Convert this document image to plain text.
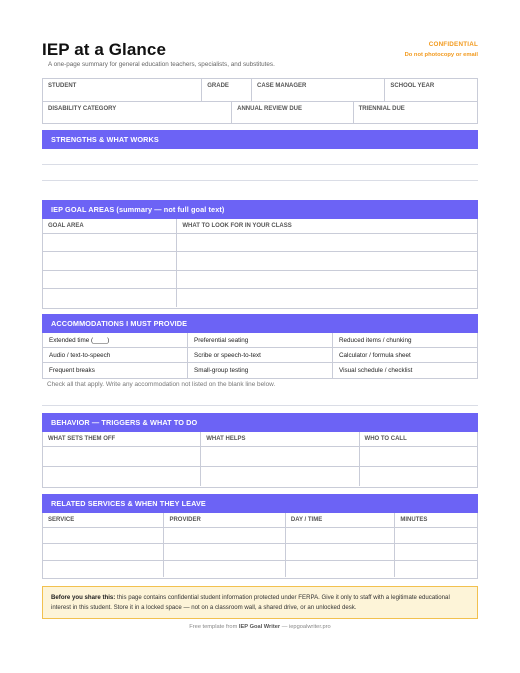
IEP at a Glance
A one-page summary for general education teachers, specialists, and substitutes.
CONFIDENTIAL
Do not photocopy or email
STUDENT	GRADE	CASE MANAGER	SCHOOL YEAR
DISABILITY CATEGORY	ANNUAL REVIEW DUE	TRIENNIAL DUE
STRENGTHS & WHAT WORKS
IEP GOAL AREAS (summary — not full goal text)
GOAL AREA	WHAT TO LOOK FOR IN YOUR CLASS
ACCOMMODATIONS I MUST PROVIDE
Extended time (____)	Preferential seating	Reduced items / chunking
Audio / text-to-speech	Scribe or speech-to-text	Calculator / formula sheet
Frequent breaks	Small-group testing	Visual schedule / checklist
Check all that apply. Write any accommodation not listed on the blank line below.
BEHAVIOR — TRIGGERS & WHAT TO DO
WHAT SETS THEM OFF	WHAT HELPS	WHO TO CALL
RELATED SERVICES & WHEN THEY LEAVE
SERVICE	PROVIDER	DAY / TIME	MINUTES
Before you share this: this page contains confidential student information protected under FERPA. Give it only to staff with a legitimate educational interest in this student. Store it in a locked space — not on a classroom wall, a shared drive, or an unlocked desk.
Free template from IEP Goal Writer — iepgoalwriter.pro
